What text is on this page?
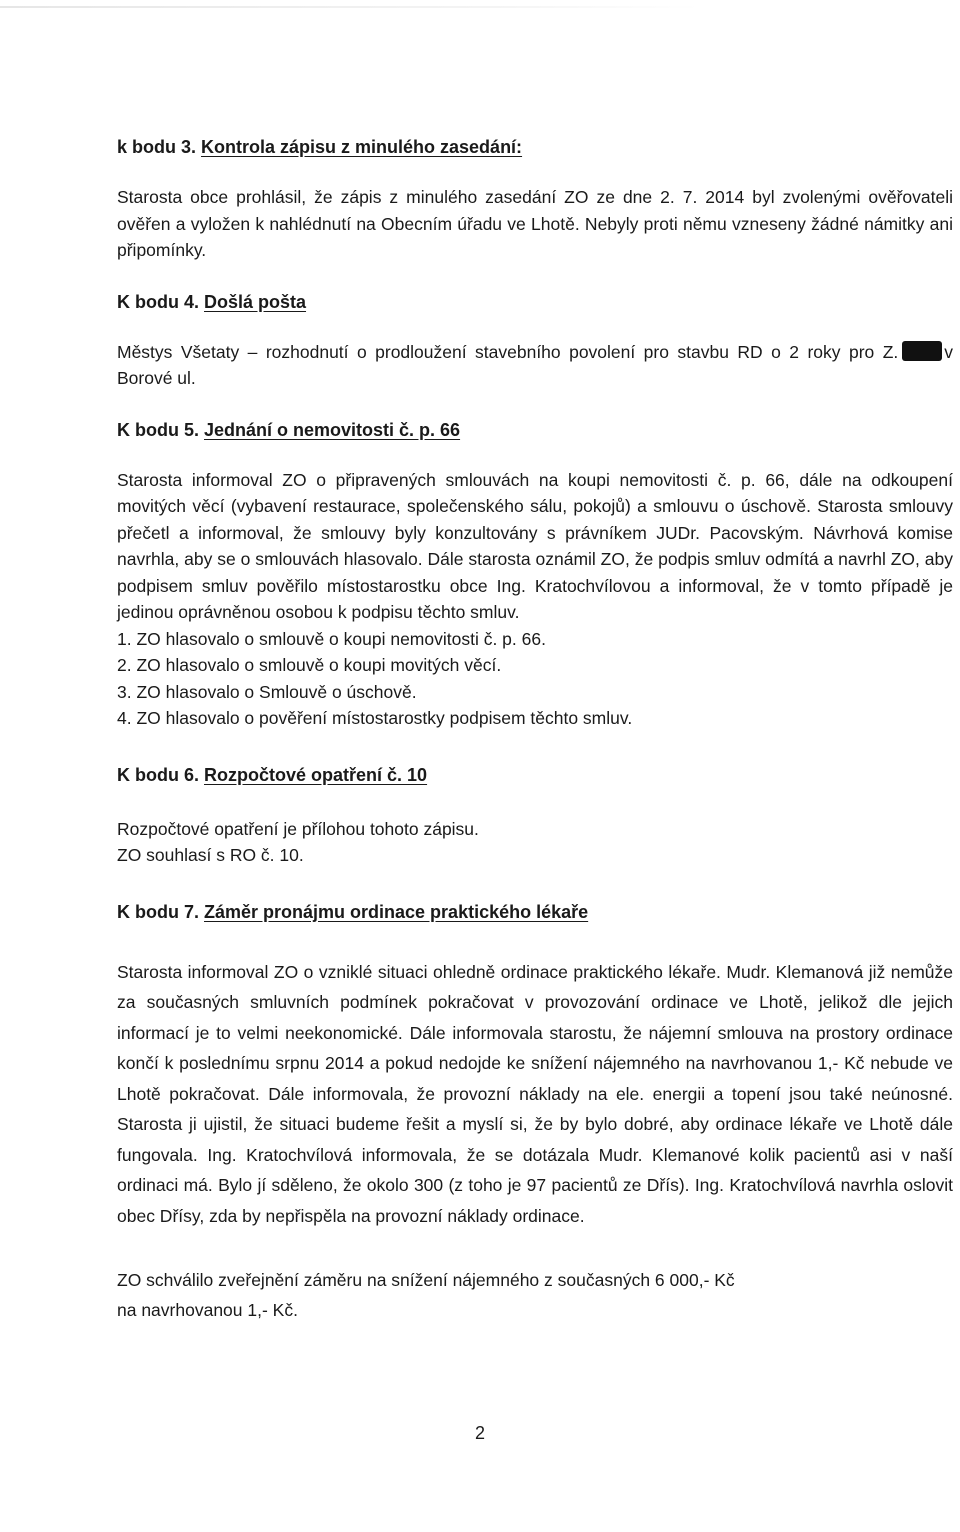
k bodu 3. Kontrola zápisu z minulého zasedání:

Starosta obce prohlásil, že zápis z minulého zasedání ZO ze dne 2. 7. 2014 byl zvolenými ověřovateli ověřen a vyložen k nahlédnutí na Obecním úřadu ve Lhotě. Nebyly proti němu vzneseny žádné námitky ani připomínky.

K bodu 4. Došlá pošta

Městys Všetaty – rozhodnutí o prodloužení stavebního povolení pro stavbu RD o 2 roky pro Z.	v Borové ul.

K bodu 5. Jednání o nemovitosti č. p. 66

Starosta informoval ZO o připravených smlouvách na koupi nemovitosti č. p. 66, dále na odkoupení movitých věcí (vybavení restaurace, společenského sálu, pokojů) a smlouvu o úschově. Starosta smlouvy přečetl a informoval, že smlouvy byly konzultovány s právníkem JUDr. Pacovským. Návrhová komise navrhla, aby se o smlouvách hlasovalo. Dále starosta oznámil ZO, že podpis smluv odmítá a navrhl ZO, aby podpisem smluv pověřilo místostarostku obce Ing. Kratochvílovou a informoval, že v tomto případě je jedinou oprávněnou osobou k podpisu těchto smluv.

1. ZO hlasovalo o smlouvě o koupi nemovitosti č. p. 66.
2. ZO hlasovalo o smlouvě o koupi movitých věcí.
3. ZO hlasovalo o Smlouvě o úschově.
4. ZO hlasovalo o pověření místostarostky podpisem těchto smluv.
K bodu 6. Rozpočtové opatření č. 10

Rozpočtové opatření je přílohou tohoto zápisu.

ZO souhlasí s RO č. 10.

K bodu 7. Záměr pronájmu ordinace praktického lékaře

Starosta informoval ZO o vzniklé situaci ohledně ordinace praktického lékaře. Mudr. Klemanová již nemůže za současných smluvních podmínek pokračovat v provozování ordinace ve Lhotě, jelikož dle jejich informací je to velmi neekonomické. Dále informovala starostu, že nájemní smlouva na prostory ordinace končí k poslednímu srpnu 2014 a pokud nedojde ke snížení nájemného na navrhovanou 1,- Kč nebude ve Lhotě pokračovat. Dále informovala, že provozní náklady na ele. energii a topení jsou také neúnosné. Starosta ji ujistil, že situaci budeme řešit a myslí si, že by bylo dobré, aby ordinace lékaře ve Lhotě dále fungovala. Ing. Kratochvílová informovala, že se dotázala Mudr. Klemanové kolik pacientů asi v naší ordinaci má. Bylo jí sděleno, že okolo 300 (z toho je 97 pacientů ze Dřís). Ing. Kratochvílová navrhla oslovit obec Dřísy, zda by nepřispěla na provozní náklady ordinace.

ZO schválilo zveřejnění záměru na snížení nájemného z současných 6 000,- Kč

na navrhovanou 1,- Kč.

2
